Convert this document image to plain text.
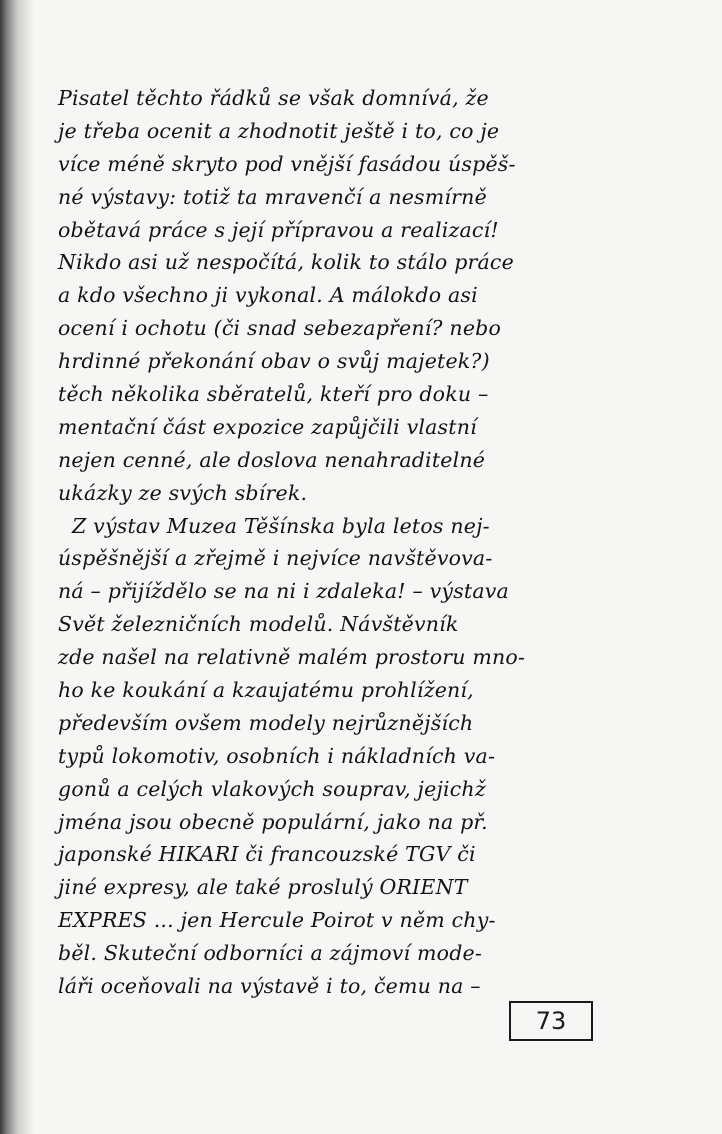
Pisatel těchto řádků se však domnívá, že
je třeba ocenit a zhodnotit ještě i to, co je
více méně skryto pod vnější fasádou úspěš-
né výstavy: totiž ta mravenčí a nesmírně
obětavá práce s její přípravou a realizací!
Nikdo asi už nespočítá, kolik to stálo práce
a kdo všechno ji vykonal. A málokdo asi
ocení i ochotu (či snad sebezapření? nebo
hrdinné překonání obav o svůj majetek?)
těch několika sběratelů, kteří pro doku –
mentační část expozice zapůjčili vlastní
nejen cenné, ale doslova nenahraditelné
ukázky ze svých sbírek.
Z výstav Muzea Těšínska byla letos nej-
úspěšnější a zřejmě i nejvíce navštěvova-
ná – přijíždělo se na ni i zdaleka! – výstava
Svět železničních modelů. Návštěvník
zde našel na relativně malém prostoru mno-
ho ke koukání a kzaujatému prohlížení,
především ovšem modely nejrůznějších
typů lokomotiv, osobních i nákladních va-
gonů a celých vlakových souprav, jejichž
jména jsou obecně populární, jako na př.
japonské HIKARI či francouzské TGV či
jiné expresy, ale také proslulý ORIENT
EXPRES ... jen Hercule Poirot v něm chy-
běl. Skuteční odborníci a zájmoví mode-
láři oceňovali na výstavě i to, čemu na –
73
